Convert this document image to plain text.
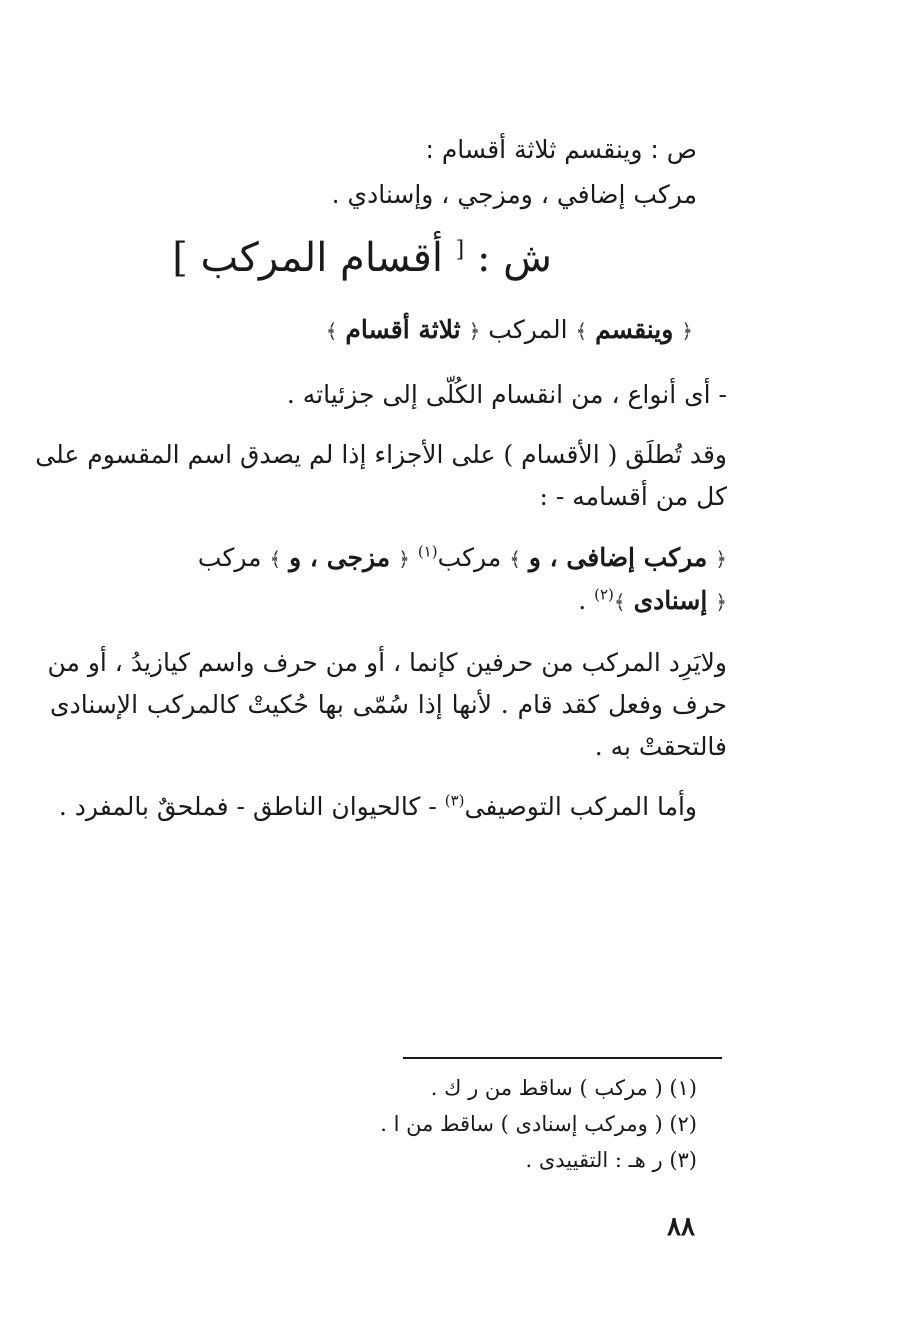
ص : وينقسم ثلاثة أقسام :
مركب إضافي ، ومزجي ، وإسنادي .
ش : [ أقسام المركب ]
﴿ وينقسم ﴾ المركب ﴿ ثلاثة أقسام ﴾
- أى أنواع ، من انقسام الكُلّى إلى جزئياته .
وقد تُطلَق ( الأقسام ) على الأجزاء إذا لم يصدق اسم المقسوم على
كل من أقسامه - :
﴿ مركب إضافى ، و ﴾ مركب$^{(١)}$ ﴿ مزجى ، و ﴾ مركب
﴿ إسنادى ﴾$^{(٢)}$ .
ولايَرِد المركب من حرفين كإنما ، أو من حرف واسم كيازيدُ ، أو من
حرف وفعل كقد قام . لأنها إذا سُمّى بها حُكيتْ كالمركب الإسنادى
فالتحقتْ به .
وأما المركب التوصيفى$^{(٣)}$ - كالحيوان الناطق - فملحقٌ بالمفرد .
(١) ( مركب ) ساقط من ر ك .
(٢) ( ومركب إسنادى ) ساقط من ا .
(٣) ر هـ : التقييدى .
٨٨
